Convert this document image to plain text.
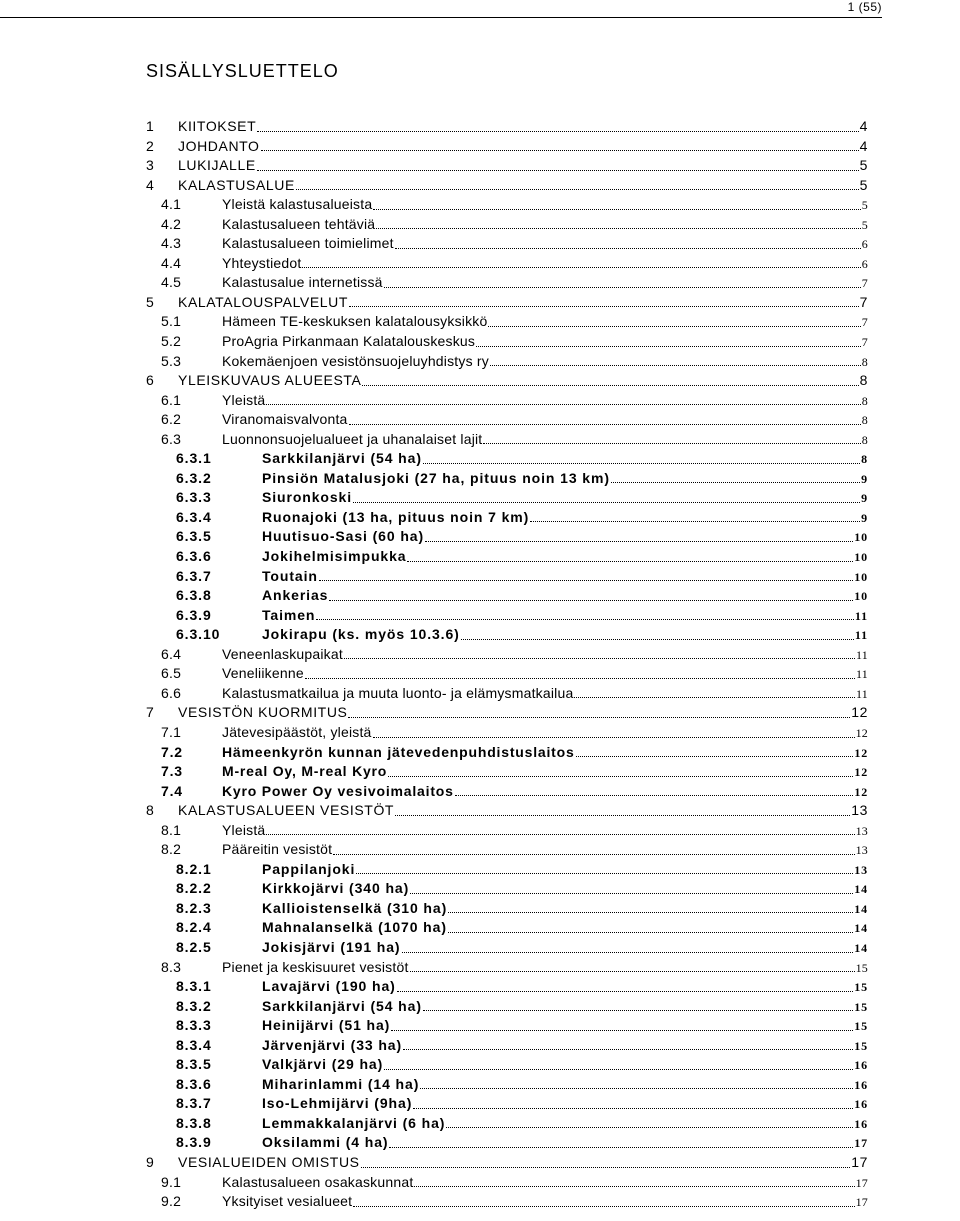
1 (55)
SISÄLLYSLUETTELO
1	KIITOKSET	4
2	JOHDANTO	4
3	LUKIJALLE	5
4	KALASTUSALUE	5
4.1	Yleistä kalastusalueista	5
4.2	Kalastusalueen tehtäviä	5
4.3	Kalastusalueen toimielimet	6
4.4	Yhteystiedot	6
4.5	Kalastusalue internetissä	7
5	KALATALOUSPALVELUT	7
5.1	Hämeen TE-keskuksen kalatalousyksikkö	7
5.2	ProAgria Pirkanmaan Kalatalouskeskus	7
5.3	Kokemäenjoen vesistönsuojeluyhdistys ry	8
6	YLEISKUVAUS ALUEESTA	8
6.1	Yleistä	8
6.2	Viranomaisvalvonta	8
6.3	Luonnonsuojelualueet ja uhanalaiset lajit	8
6.3.1	Sarkkilanjärvi (54 ha)	8
6.3.2	Pinsiön Matalusjoki (27 ha, pituus noin 13 km)	9
6.3.3	Siuronkoski	9
6.3.4	Ruonajoki (13 ha, pituus noin 7 km)	9
6.3.5	Huutisuo-Sasi (60 ha)	10
6.3.6	Jokihelmisimpukka	10
6.3.7	Toutain	10
6.3.8	Ankerias	10
6.3.9	Taimen	11
6.3.10	Jokirapu (ks. myös 10.3.6)	11
6.4	Veneenlaskupaikat	11
6.5	Veneliikenne	11
6.6	Kalastusmatkailua ja muuta luonto- ja elämysmatkailua	11
7	VESISTÖN KUORMITUS	12
7.1	Jätevesipäästöt, yleistä	12
7.2	Hämeenkyrön kunnan jätevedenpuhdistuslaitos	12
7.3	M-real Oy, M-real Kyro	12
7.4	Kyro Power Oy vesivoimalaitos	12
8	KALASTUSALUEEN VESISTÖT	13
8.1	Yleistä	13
8.2	Pääreitin vesistöt	13
8.2.1	Pappilanjoki	13
8.2.2	Kirkkojärvi (340 ha)	14
8.2.3	Kallioistenselkä (310 ha)	14
8.2.4	Mahnalanselkä (1070 ha)	14
8.2.5	Jokisjärvi (191 ha)	14
8.3	Pienet ja keskisuuret vesistöt	15
8.3.1	Lavajärvi (190 ha)	15
8.3.2	Sarkkilanjärvi (54 ha)	15
8.3.3	Heinijärvi (51 ha)	15
8.3.4	Järvenjärvi (33 ha)	15
8.3.5	Valkjärvi (29 ha)	16
8.3.6	Miharinlammi (14 ha)	16
8.3.7	Iso-Lehmijärvi (9ha)	16
8.3.8	Lemmakkalanjärvi (6 ha)	16
8.3.9	Oksilammi (4 ha)	17
9	VESIALUEIDEN OMISTUS	17
9.1	Kalastusalueen osakaskunnat	17
9.2	Yksityiset vesialueet	17
